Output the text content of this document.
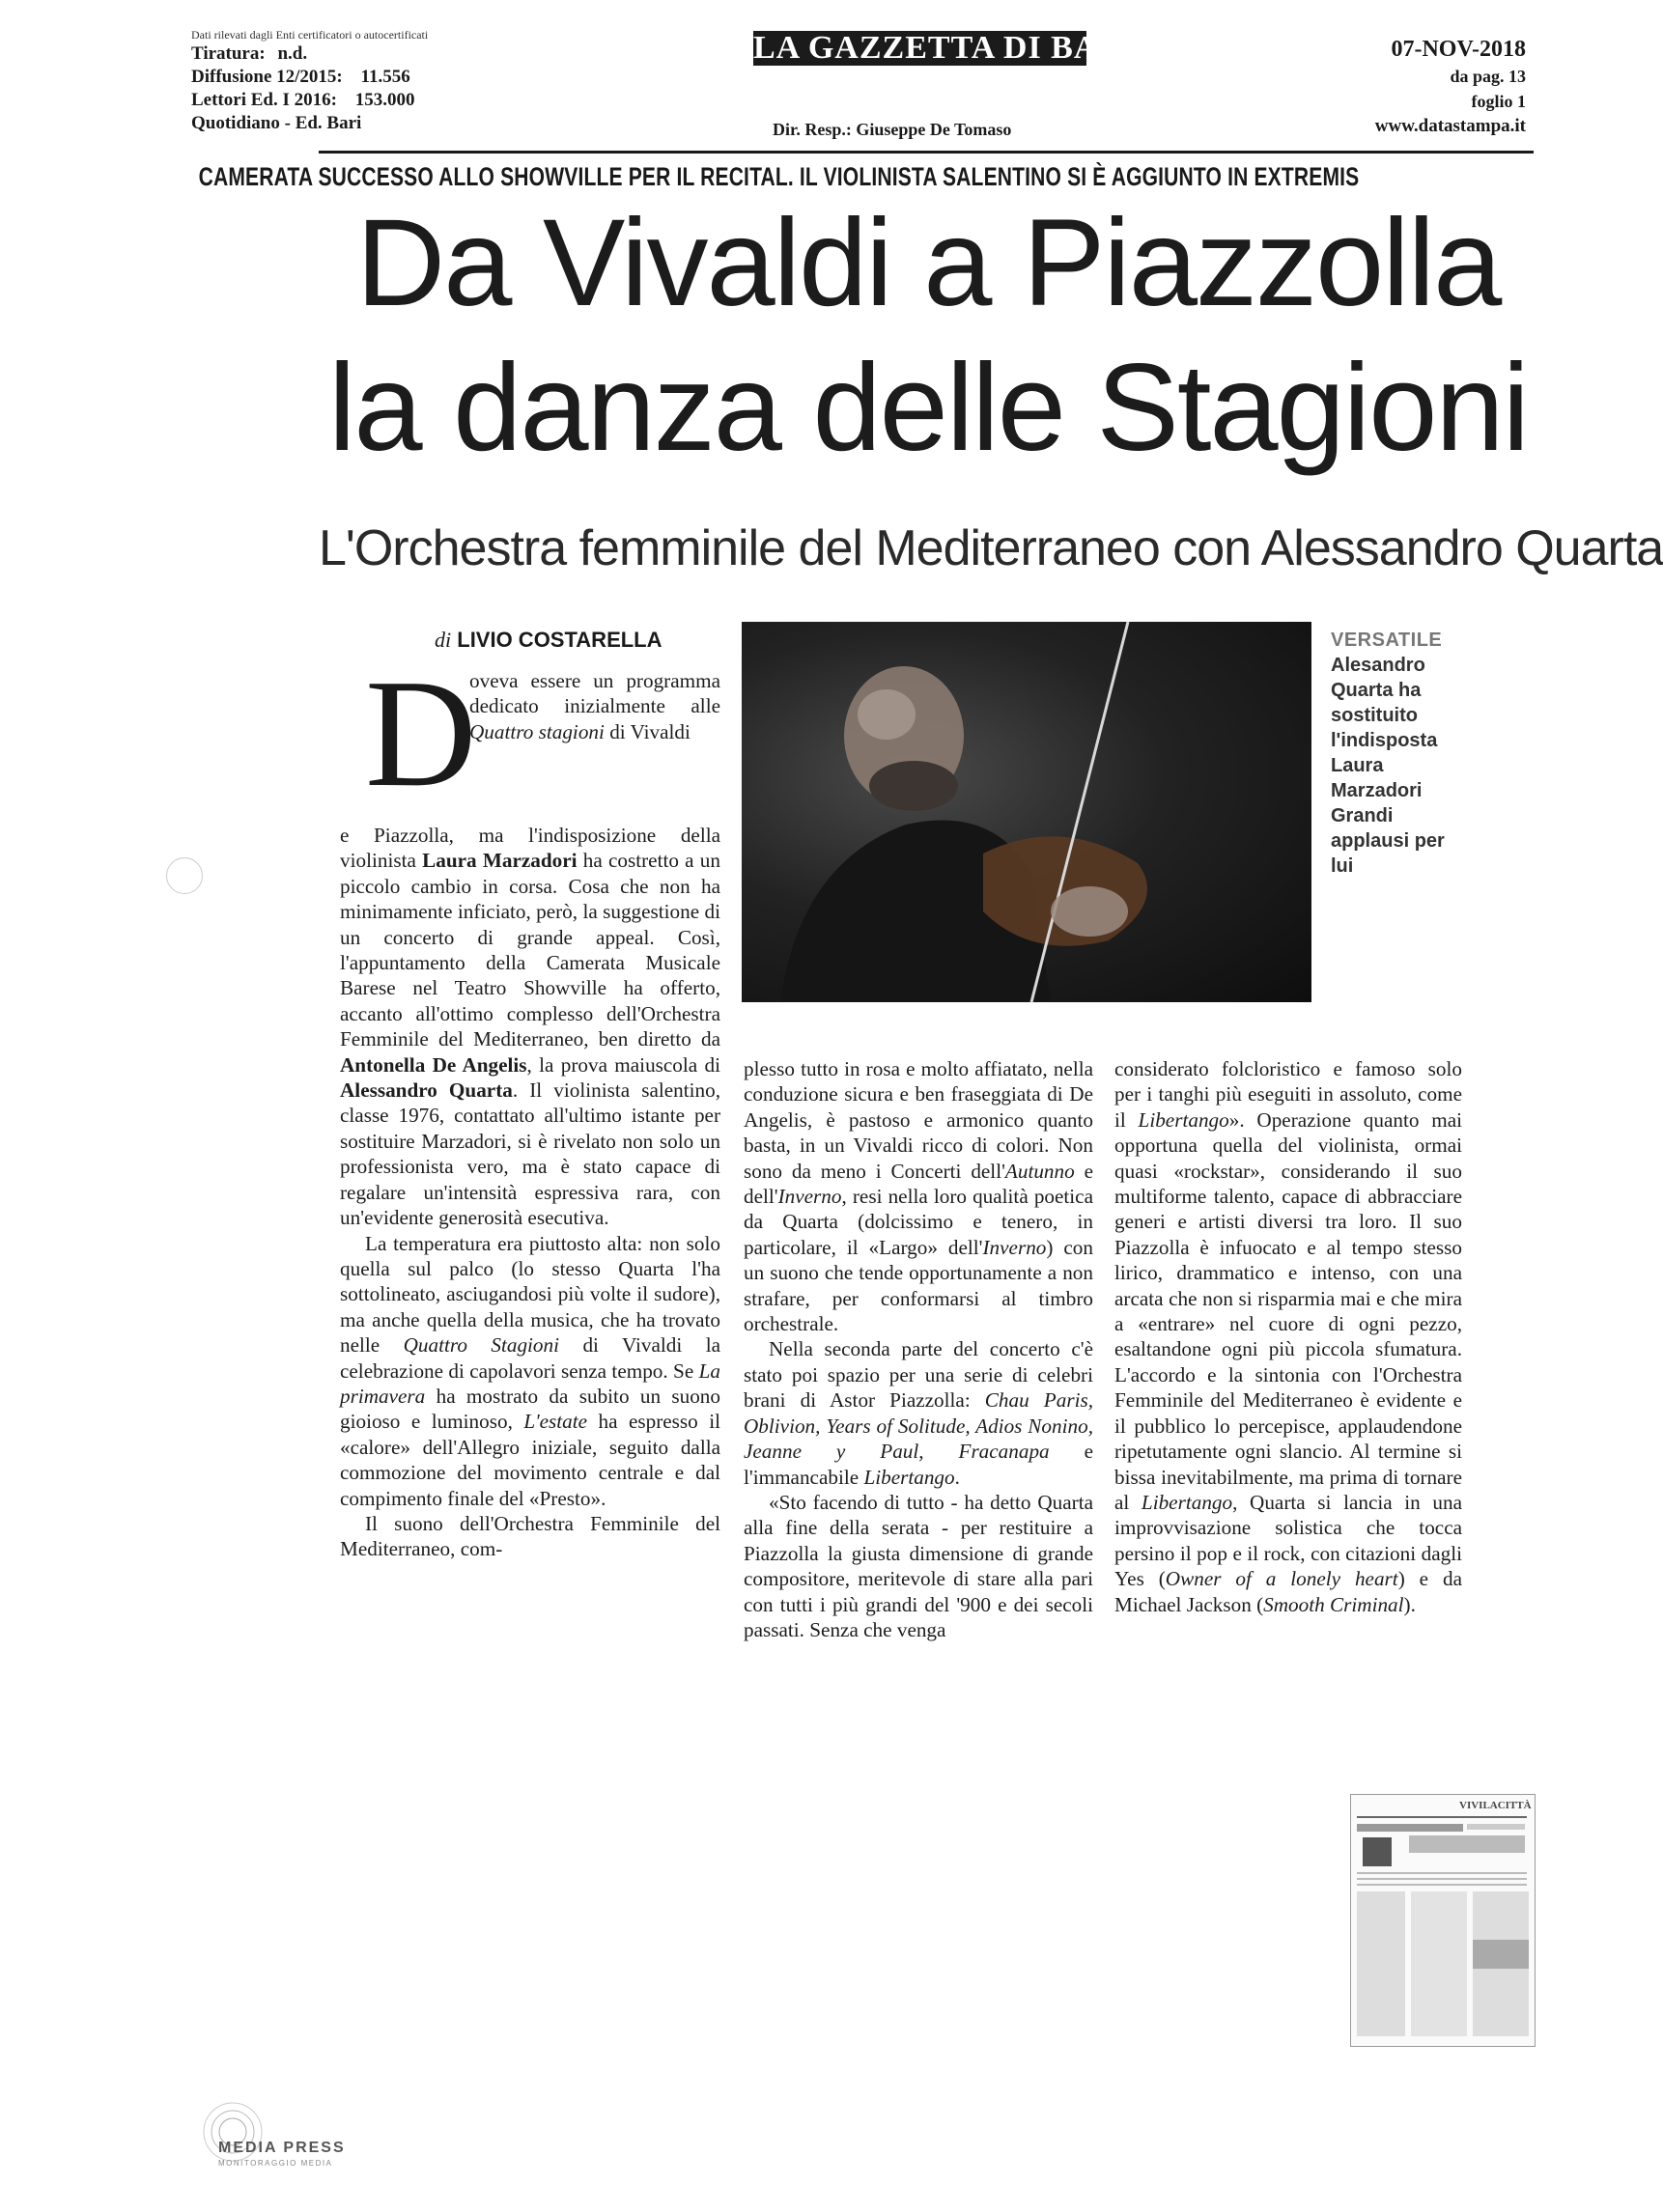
Dati rilevati dagli Enti certificatori o autocertificati
Tiratura: n.d.
Diffusione 12/2015: 11.556
Lettori Ed. I 2016: 153.000
Quotidiano - Ed. Bari
LA GAZZETTA DI BARI
Dir. Resp.: Giuseppe De Tomaso
07-NOV-2018
da pag. 13
foglio 1
www.datastampa.it
CAMERATA SUCCESSO ALLO SHOWVILLE PER IL RECITAL. IL VIOLINISTA SALENTINO SI È AGGIUNTO IN EXTREMIS
Da Vivaldi a Piazzolla
la danza delle Stagioni
L'Orchestra femminile del Mediterraneo con Alessandro Quarta
di LIVIO COSTARELLA	VERSATILE
Alesandro Quarta ha sostituito l'indisposta Laura Marzadori Grandi applausi per lui
D

oveva essere un programma dedicato inizialmente alle Quattro stagioni di Vivaldi

e Piazzolla, ma l'indisposizione della violinista Laura Marzadori ha costretto a un piccolo cambio in corsa. Cosa che non ha minimamente inficiato, però, la suggestione di un concerto di grande appeal. Così, l'appuntamento della Camerata Musicale Barese nel Teatro Showville ha offerto, accanto all'ottimo complesso dell'Orchestra Femminile del Mediterraneo, ben diretto da Antonella De Angelis, la prova maiuscola di Alessandro Quarta. Il violinista salentino, classe 1976, contattato all'ultimo istante per sostituire Marzadori, si è rivelato non solo un professionista vero, ma è stato capace di regalare un'intensità espressiva rara, con un'evidente generosità esecutiva.

La temperatura era piuttosto alta: non solo quella sul palco (lo stesso Quarta l'ha sottolineato, asciugandosi più volte il sudore), ma anche quella della musica, che ha trovato nelle Quattro Stagioni di Vivaldi la celebrazione di capolavori senza tempo. Se La primavera ha mostrato da subito un suono gioioso e luminoso, L'estate ha espresso il «calore» dell'Allegro iniziale, seguito dalla commozione del movimento centrale e dal compimento finale del «Presto».

Il suono dell'Orchestra Femminile del Mediterraneo, com-

plesso tutto in rosa e molto affiatato, nella conduzione sicura e ben fraseggiata di De Angelis, è pastoso e armonico quanto basta, in un Vivaldi ricco di colori. Non sono da meno i Concerti dell'Autunno e dell'Inverno, resi nella loro qualità poetica da Quarta (dolcissimo e tenero, in particolare, il «Largo» dell'Inverno) con un suono che tende opportunamente a non strafare, per conformarsi al timbro orchestrale.

Nella seconda parte del concerto c'è stato poi spazio per una serie di celebri brani di Astor Piazzolla: Chau Paris, Oblivion, Years of Solitude, Adios Nonino, Jeanne y Paul, Fracanapa e l'immancabile Libertango.

«Sto facendo di tutto - ha detto Quarta alla fine della serata - per restituire a Piazzolla la giusta dimensione di grande compositore, meritevole di stare alla pari con tutti i più grandi del '900 e dei secoli passati. Senza che venga

considerato folcloristico e famoso solo per i tanghi più eseguiti in assoluto, come il Libertango». Operazione quanto mai opportuna quella del violinista, ormai quasi «rockstar», considerando il suo multiforme talento, capace di abbracciare generi e artisti diversi tra loro. Il suo Piazzolla è infuocato e al tempo stesso lirico, drammatico e intenso, con una arcata che non si risparmia mai e che mira a «entrare» nel cuore di ogni pezzo, esaltandone ogni più piccola sfumatura. L'accordo e la sintonia con l'Orchestra Femminile del Mediterraneo è evidente e il pubblico lo percepisce, applaudendone ripetutamente ogni slancio. Al termine si bissa inevitabilmente, ma prima di tornare al Libertango, Quarta si lancia in una improvvisazione solistica che tocca persino il pop e il rock, con citazioni dagli Yes (Owner of a lonely heart) e da Michael Jackson (Smooth Criminal).

VIVILACITTÀ
MEDIA PRESS
MONITORAGGIO MEDIA
